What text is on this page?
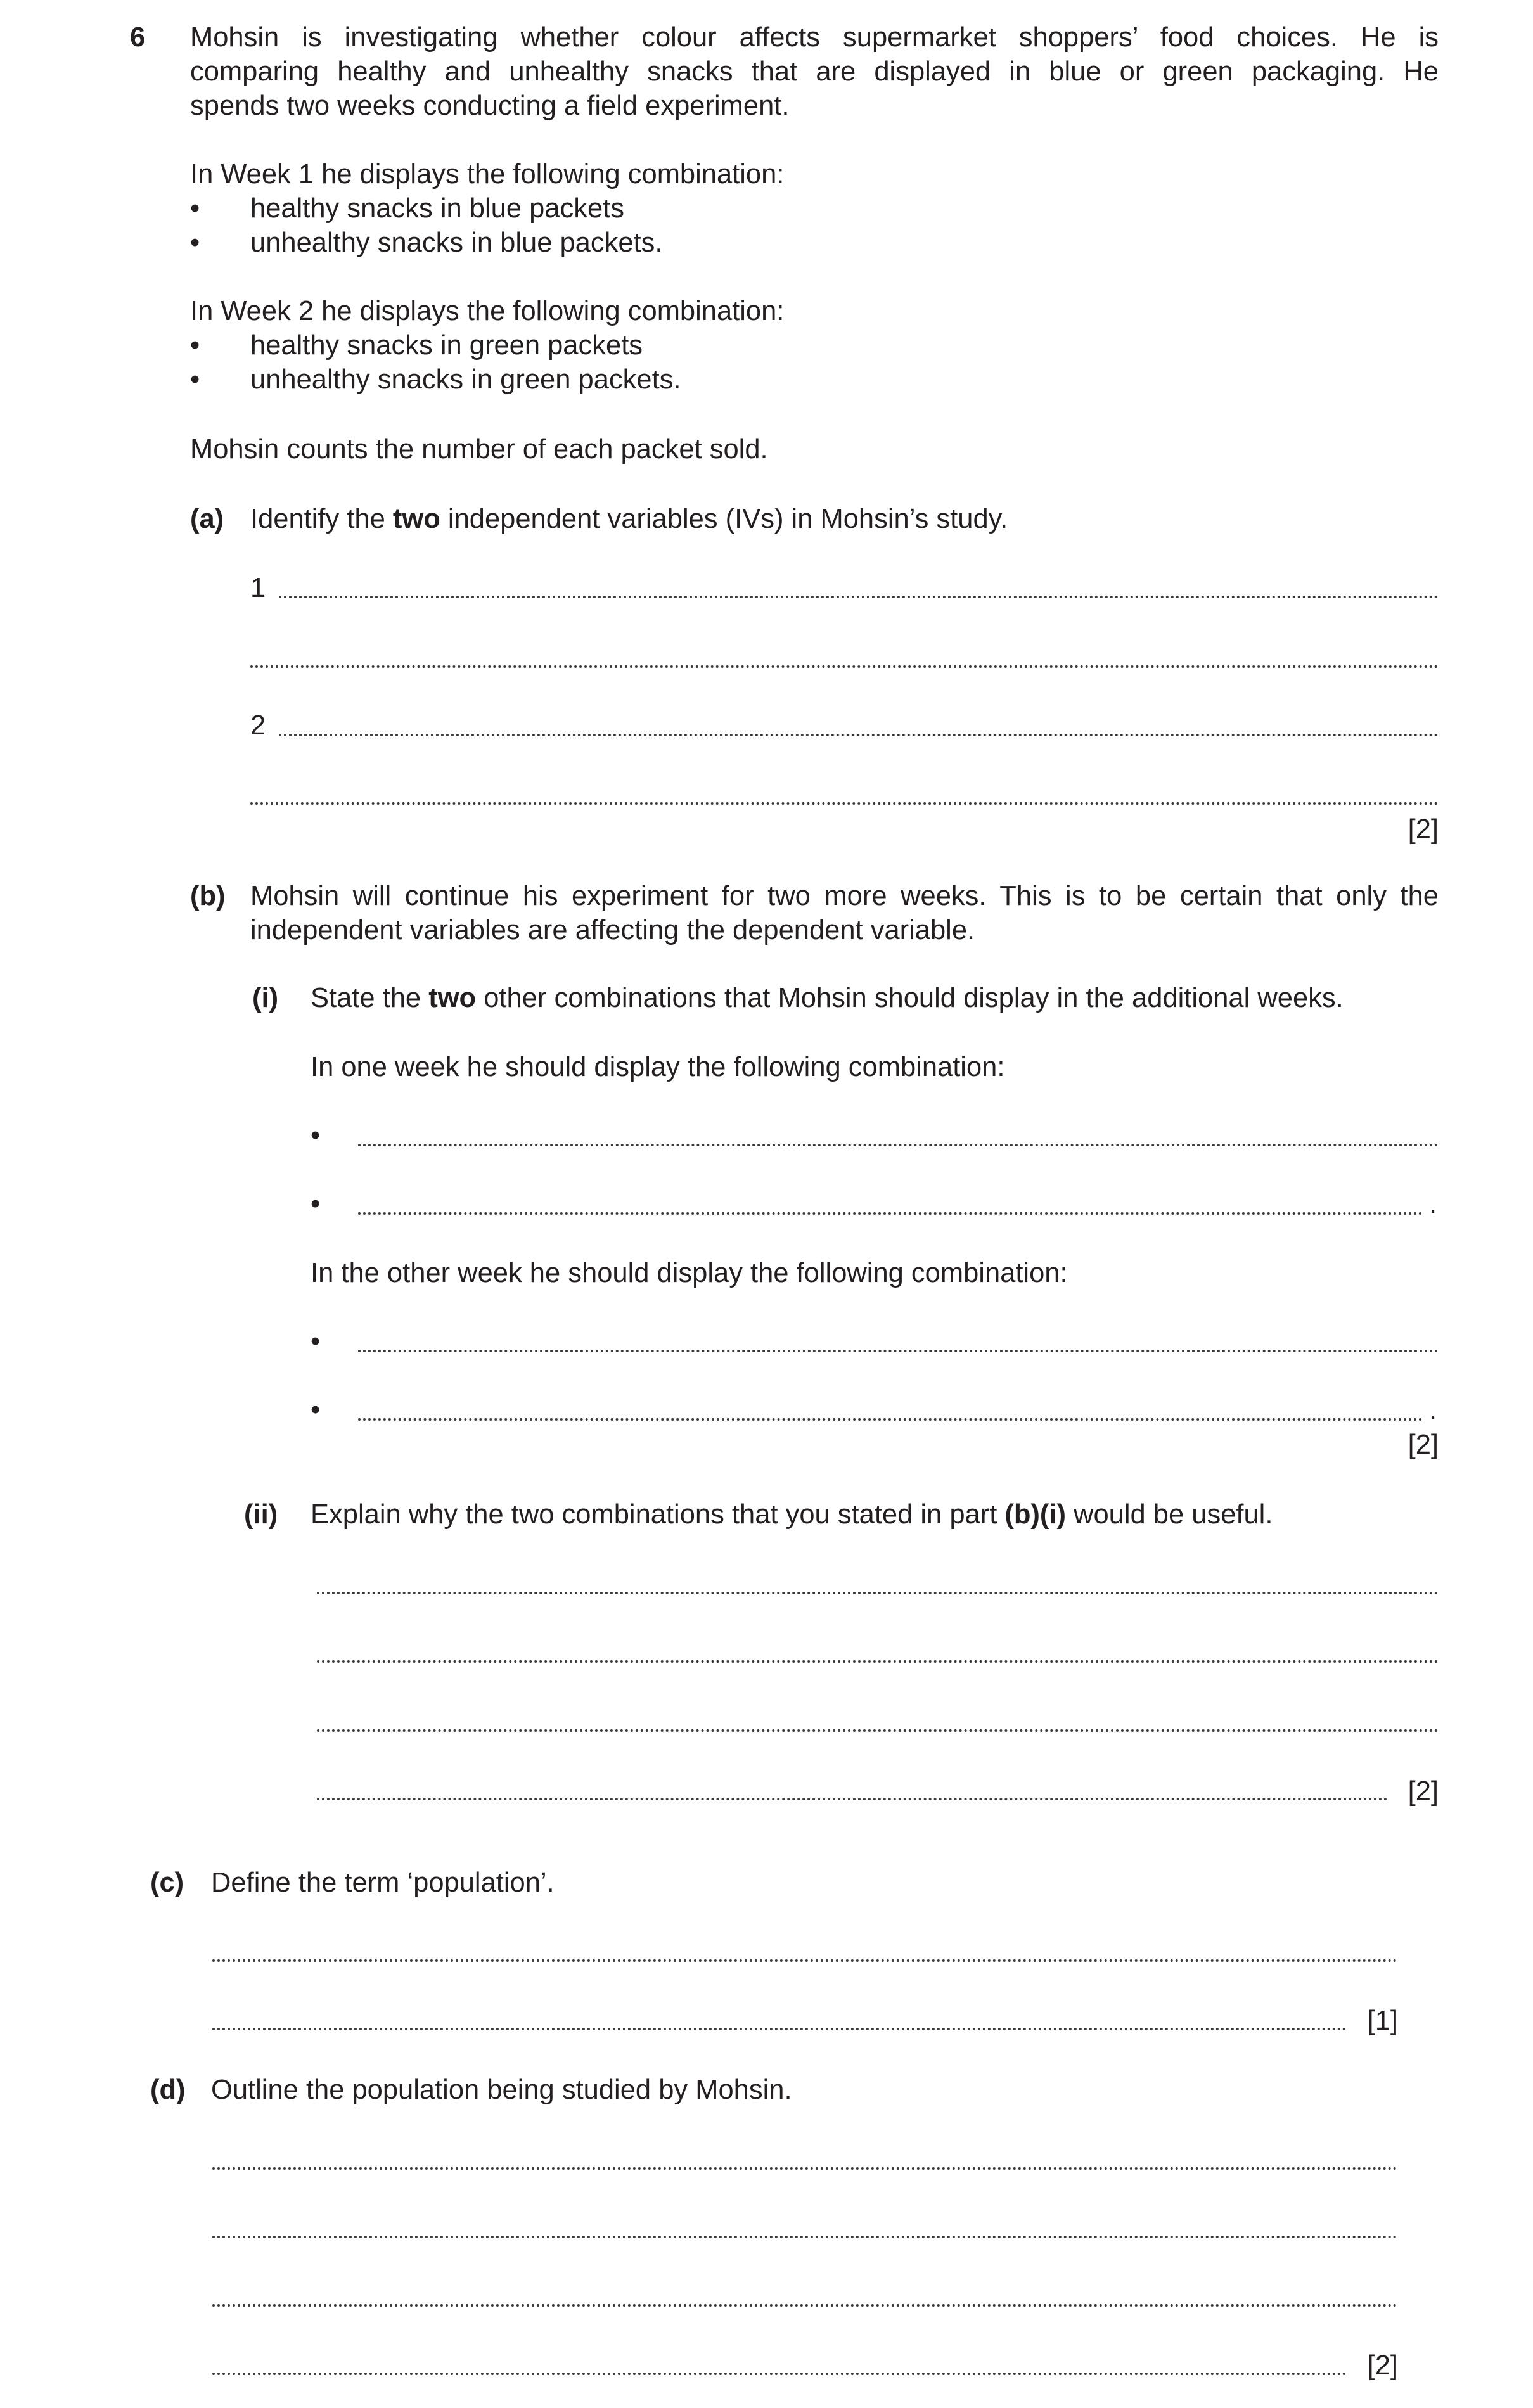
6 Mohsin is investigating whether colour affects supermarket shoppers’ food choices. He is
comparing healthy and unhealthy snacks that are displayed in blue or green packaging. He
spends two weeks conducting a field experiment.
In Week 1 he displays the following combination:
• healthy snacks in blue packets
• unhealthy snacks in blue packets.
In Week 2 he displays the following combination:
• healthy snacks in green packets
• unhealthy snacks in green packets.
Mohsin counts the number of each packet sold.
(a) Identify the two independent variables (IVs) in Mohsin’s study.
1
2
[2]
(b) Mohsin will continue his experiment for two more weeks. This is to be certain that only the
independent variables are affecting the dependent variable.
(i) State the two other combinations that Mohsin should display in the additional weeks.
In one week he should display the following combination:
•
•	.
In the other week he should display the following combination:
•
•	.
[2]
(ii) Explain why the two combinations that you stated in part (b)(i) would be useful.
[2]
(c) Define the term ‘population’.
[1]
(d) Outline the population being studied by Mohsin.
[2]
